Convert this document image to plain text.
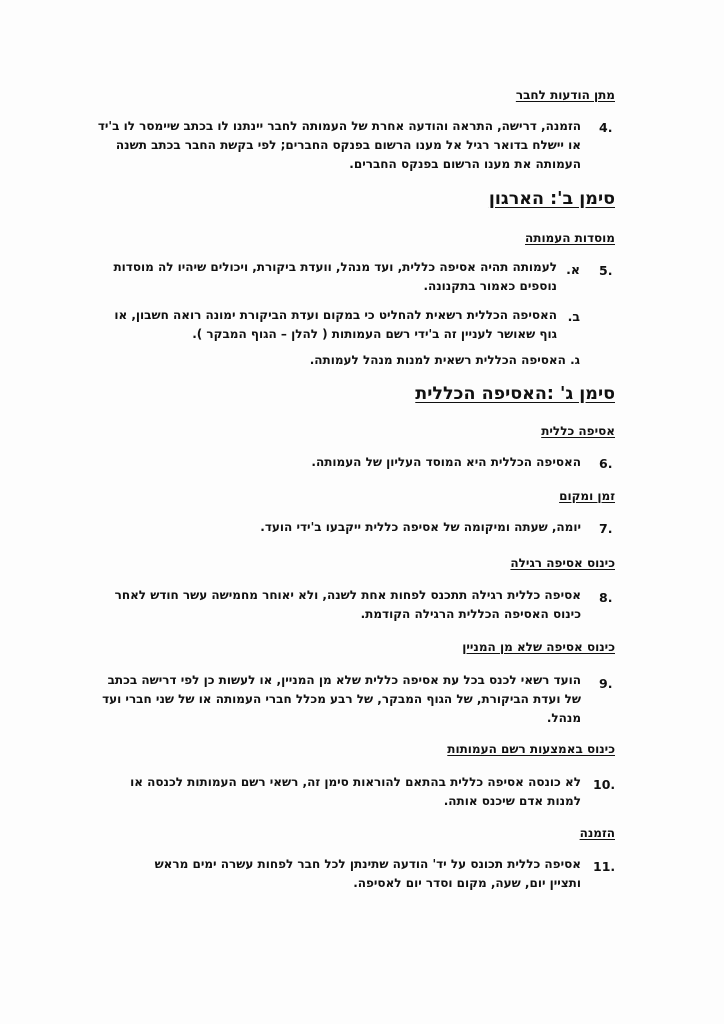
מתן הודעות לחבר
4.
הזמנה, דרישה, התראה והודעה אחרת של העמותה לחבר יינתנו לו בכתב שיימסר לו ב'יד
או יישלח בדואר רגיל אל מענו הרשום בפנקס החברים; לפי בקשת החבר בכתב תשנה
העמותה את מענו הרשום בפנקס החברים.
סימן ב': הארגון
מוסדות העמותה
5.
א.
לעמותה תהיה אסיפה כללית, ועד מנהל, וועדת ביקורת, ויכולים שיהיו לה מוסדות
נוספים כאמור בתקנונה.
ב.
האסיפה הכללית רשאית להחליט כי במקום ועדת הביקורת ימונה רואה חשבון, או
גוף שאושר לעניין זה ב'ידי רשם העמותות ( להלן – הגוף המבקר ).
ג. האסיפה הכללית רשאית למנות מנהל לעמותה.
סימן ג' :האסיפה הכללית
אסיפה כללית
6.
האסיפה הכללית היא המוסד העליון של העמותה.
זמן ומקום
7.
יומה, שעתה ומיקומה של אסיפה כללית ייקבעו ב'ידי הועד.
כינוס אסיפה רגילה
8.
אסיפה כללית רגילה תתכנס לפחות אחת לשנה, ולא יאוחר מחמישה עשר חודש לאחר
כינוס האסיפה הכללית הרגילה הקודמת.
כינוס אסיפה שלא מן המניין
9.
הועד רשאי לכנס בכל עת אסיפה כללית שלא מן המניין, או לעשות כן לפי דרישה בכתב
של ועדת הביקורת, של הגוף המבקר, של רבע מכלל חברי העמותה או של שני חברי ועד
מנהל.
כינוס באמצעות רשם העמותות
10.
לא כונסה אסיפה כללית בהתאם להוראות סימן זה, רשאי רשם העמותות לכנסה או
למנות אדם שיכנס אותה.
הזמנה
11.
אסיפה כללית תכונס על יד' הודעה שתינתן לכל חבר לפחות עשרה ימים מראש
ותציין יום, שעה, מקום וסדר יום לאסיפה.
